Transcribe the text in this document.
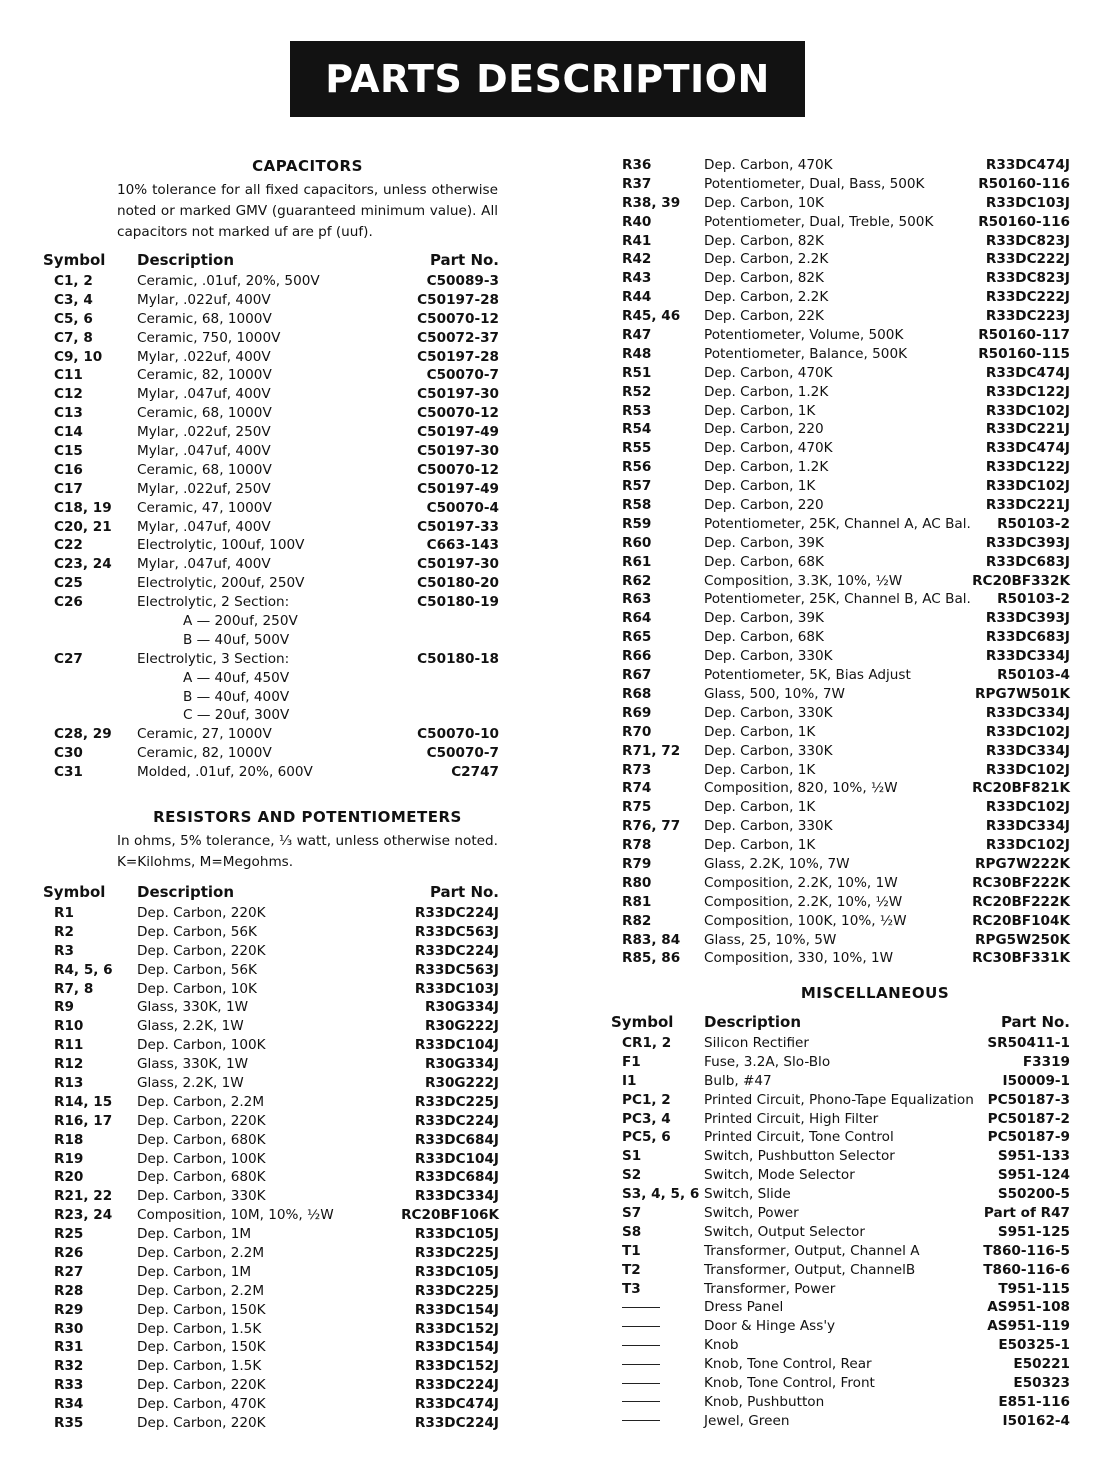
PARTS DESCRIPTION LIST
CAPACITORS
10% tolerance for all fixed capacitors, unless otherwise noted or marked GMV (guaranteed minimum value). All capacitors not marked uf are pf (uuf).
Symbol Description	Part No.
C1, 2	Ceramic, .01uf, 20%, 500V	C50089-3
C3, 4	Mylar, .022uf, 400V	C50197-28
C5, 6	Ceramic, 68, 1000V	C50070-12
C7, 8	Ceramic, 750, 1000V	C50072-37
C9, 10	Mylar, .022uf, 400V	C50197-28
C11	Ceramic, 82, 1000V	C50070-7
C12	Mylar, .047uf, 400V	C50197-30
C13	Ceramic, 68, 1000V	C50070-12
C14	Mylar, .022uf, 250V	C50197-49
C15	Mylar, .047uf, 400V	C50197-30
C16	Ceramic, 68, 1000V	C50070-12
C17	Mylar, .022uf, 250V	C50197-49
C18, 19 Ceramic, 47, 1000V	C50070-4
C20, 21 Mylar, .047uf, 400V	C50197-33
C22	Electrolytic, 100uf, 100V	C663-143
C23, 24 Mylar, .047uf, 400V	C50197-30
C25	Electrolytic, 200uf, 250V	C50180-20
C26	Electrolytic, 2 Section:	C50180-19
A — 200uf, 250V
B — 40uf, 500V
C27	Electrolytic, 3 Section:	C50180-18
A — 40uf, 450V
B — 40uf, 400V
C — 20uf, 300V
C28, 29 Ceramic, 27, 1000V	C50070-10
C30	Ceramic, 82, 1000V	C50070-7
C31	Molded, .01uf, 20%, 600V	C2747
RESISTORS AND POTENTIOMETERS
In ohms, 5% tolerance, ⅓ watt, unless otherwise noted. K=Kilohms, M=Megohms.
Symbol Description	Part No.
R1	Dep. Carbon, 220K	R33DC224J
R2	Dep. Carbon, 56K	R33DC563J
R3	Dep. Carbon, 220K	R33DC224J
R4, 5, 6 Dep. Carbon, 56K	R33DC563J
R7, 8	Dep. Carbon, 10K	R33DC103J
R9	Glass, 330K, 1W	R30G334J
R10	Glass, 2.2K, 1W	R30G222J
R11	Dep. Carbon, 100K	R33DC104J
R12	Glass, 330K, 1W	R30G334J
R13	Glass, 2.2K, 1W	R30G222J
R14, 15 Dep. Carbon, 2.2M	R33DC225J
R16, 17 Dep. Carbon, 220K	R33DC224J
R18	Dep. Carbon, 680K	R33DC684J
R19	Dep. Carbon, 100K	R33DC104J
R20	Dep. Carbon, 680K	R33DC684J
R21, 22 Dep. Carbon, 330K	R33DC334J
R23, 24 Composition, 10M, 10%, ½W	RC20BF106K
R25	Dep. Carbon, 1M	R33DC105J
R26	Dep. Carbon, 2.2M	R33DC225J
R27	Dep. Carbon, 1M	R33DC105J
R28	Dep. Carbon, 2.2M	R33DC225J
R29	Dep. Carbon, 150K	R33DC154J
R30	Dep. Carbon, 1.5K	R33DC152J
R31	Dep. Carbon, 150K	R33DC154J
R32	Dep. Carbon, 1.5K	R33DC152J
R33	Dep. Carbon, 220K	R33DC224J
R34	Dep. Carbon, 470K	R33DC474J
R35	Dep. Carbon, 220K	R33DC224J
R36	Dep. Carbon, 470K	R33DC474J
R37	Potentiometer, Dual, Bass, 500K	R50160-116
R38, 39 Dep. Carbon, 10K	R33DC103J
R40	Potentiometer, Dual, Treble, 500K	R50160-116
R41	Dep. Carbon, 82K	R33DC823J
R42	Dep. Carbon, 2.2K	R33DC222J
R43	Dep. Carbon, 82K	R33DC823J
R44	Dep. Carbon, 2.2K	R33DC222J
R45, 46 Dep. Carbon, 22K	R33DC223J
R47	Potentiometer, Volume, 500K	R50160-117
R48	Potentiometer, Balance, 500K	R50160-115
R51	Dep. Carbon, 470K	R33DC474J
R52	Dep. Carbon, 1.2K	R33DC122J
R53	Dep. Carbon, 1K	R33DC102J
R54	Dep. Carbon, 220	R33DC221J
R55	Dep. Carbon, 470K	R33DC474J
R56	Dep. Carbon, 1.2K	R33DC122J
R57	Dep. Carbon, 1K	R33DC102J
R58	Dep. Carbon, 220	R33DC221J
R59	Potentiometer, 25K, Channel A, AC Bal.	R50103-2
R60	Dep. Carbon, 39K	R33DC393J
R61	Dep. Carbon, 68K	R33DC683J
R62	Composition, 3.3K, 10%, ½W	RC20BF332K
R63	Potentiometer, 25K, Channel B, AC Bal.	R50103-2
R64	Dep. Carbon, 39K	R33DC393J
R65	Dep. Carbon, 68K	R33DC683J
R66	Dep. Carbon, 330K	R33DC334J
R67	Potentiometer, 5K, Bias Adjust	R50103-4
R68	Glass, 500, 10%, 7W	RPG7W501K
R69	Dep. Carbon, 330K	R33DC334J
R70	Dep. Carbon, 1K	R33DC102J
R71, 72 Dep. Carbon, 330K	R33DC334J
R73	Dep. Carbon, 1K	R33DC102J
R74	Composition, 820, 10%, ½W	RC20BF821K
R75	Dep. Carbon, 1K	R33DC102J
R76, 77 Dep. Carbon, 330K	R33DC334J
R78	Dep. Carbon, 1K	R33DC102J
R79	Glass, 2.2K, 10%, 7W	RPG7W222K
R80	Composition, 2.2K, 10%, 1W	RC30BF222K
R81	Composition, 2.2K, 10%, ½W	RC20BF222K
R82	Composition, 100K, 10%, ½W	RC20BF104K
R83, 84 Glass, 25, 10%, 5W	RPG5W250K
R85, 86 Composition, 330, 10%, 1W	RC30BF331K
MISCELLANEOUS
Symbol Description	Part No.
CR1, 2 Silicon Rectifier	SR50411-1
F1	Fuse, 3.2A, Slo-Blo	F3319
I1	Bulb, #47	I50009-1
PC1, 2 Printed Circuit, Phono-Tape Equalization	PC50187-3
PC3, 4 Printed Circuit, High Filter	PC50187-2
PC5, 6 Printed Circuit, Tone Control	PC50187-9
S1	Switch, Pushbutton Selector	S951-133
S2	Switch, Mode Selector	S951-124
S3, 4, 5, 6 Switch, Slide	S50200-5
S7	Switch, Power	Part of R47
S8	Switch, Output Selector	S951-125
T1	Transformer, Output, Channel A	T860-116-5
T2	Transformer, Output, ChannelB	T860-116-6
T3	Transformer, Power	T951-115
Dress Panel	AS951-108
Door & Hinge Ass'y	AS951-119
Knob	E50325-1
Knob, Tone Control, Rear	E50221
Knob, Tone Control, Front	E50323
Knob, Pushbutton	E851-116
Jewel, Green	I50162-4
